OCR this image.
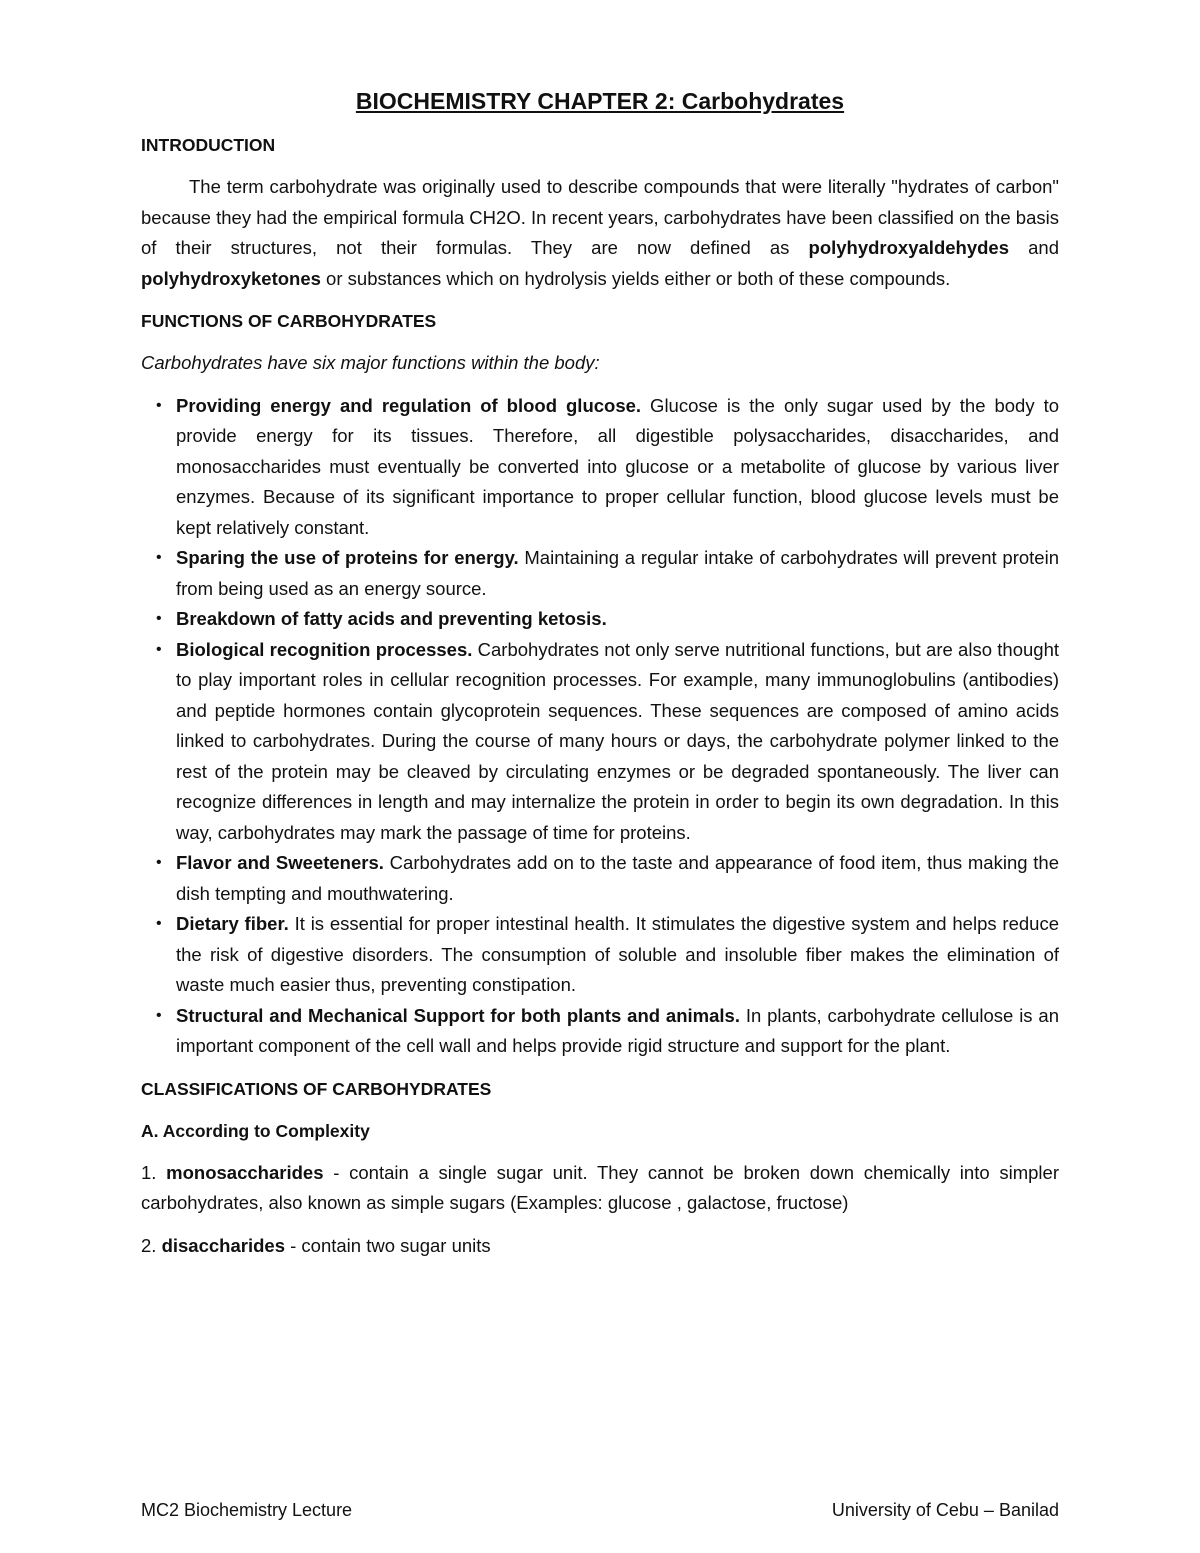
BIOCHEMISTRY CHAPTER 2: Carbohydrates
INTRODUCTION

The term carbohydrate was originally used to describe compounds that were literally "hydrates of carbon" because they had the empirical formula CH2O. In recent years, carbohydrates have been classified on the basis of their structures, not their formulas. They are now defined as polyhydroxyaldehydes and polyhydroxyketones or substances which on hydrolysis yields either or both of these compounds.

FUNCTIONS OF CARBOHYDRATES

Carbohydrates have six major functions within the body:

• Providing energy and regulation of blood glucose. Glucose is the only sugar used by the body to provide energy for its tissues. Therefore, all digestible polysaccharides, disaccharides, and monosaccharides must eventually be converted into glucose or a metabolite of glucose by various liver enzymes. Because of its significant importance to proper cellular function, blood glucose levels must be kept relatively constant.
• Sparing the use of proteins for energy. Maintaining a regular intake of carbohydrates will prevent protein from being used as an energy source.
• Breakdown of fatty acids and preventing ketosis.
• Biological recognition processes. Carbohydrates not only serve nutritional functions, but are also thought to play important roles in cellular recognition processes. For example, many immunoglobulins (antibodies) and peptide hormones contain glycoprotein sequences. These sequences are composed of amino acids linked to carbohydrates. During the course of many hours or days, the carbohydrate polymer linked to the rest of the protein may be cleaved by circulating enzymes or be degraded spontaneously. The liver can recognize differences in length and may internalize the protein in order to begin its own degradation. In this way, carbohydrates may mark the passage of time for proteins.
• Flavor and Sweeteners. Carbohydrates add on to the taste and appearance of food item, thus making the dish tempting and mouthwatering.
• Dietary fiber. It is essential for proper intestinal health. It stimulates the digestive system and helps reduce the risk of digestive disorders. The consumption of soluble and insoluble fiber makes the elimination of waste much easier thus, preventing constipation.
• Structural and Mechanical Support for both plants and animals. In plants, carbohydrate cellulose is an important component of the cell wall and helps provide rigid structure and support for the plant.
CLASSIFICATIONS OF CARBOHYDRATES
A. According to Complexity

1. monosaccharides - contain a single sugar unit. They cannot be broken down chemically into simpler carbohydrates, also known as simple sugars (Examples: glucose , galactose, fructose)

2. disaccharides - contain two sugar units

MC2 Biochemistry Lecture	University of Cebu – Banilad
